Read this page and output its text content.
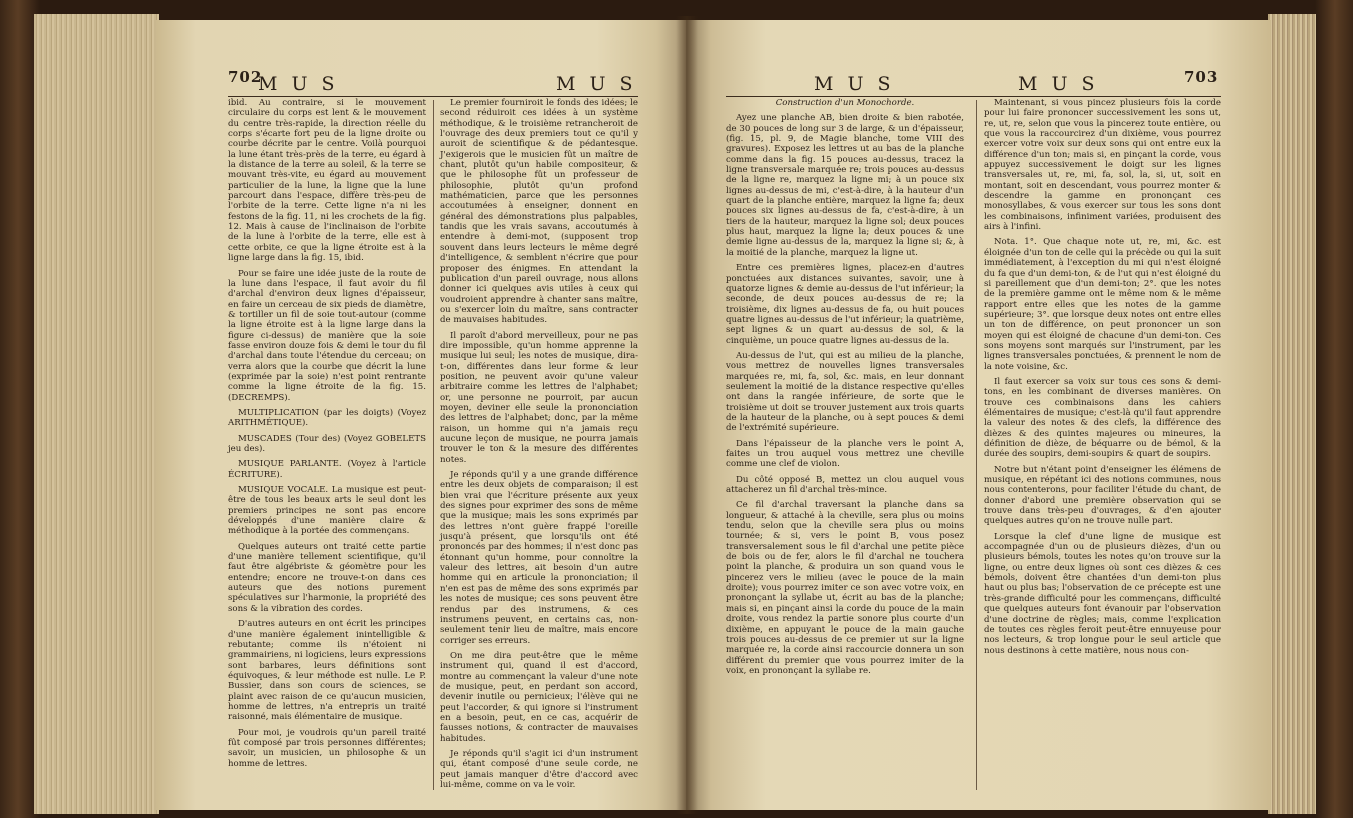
702
M U S	M U S

ibid. Au contraire, si le mouvement circulaire du corps est lent & le mouvement du centre très-rapide, la direction réelle du corps s'écarte fort peu de la ligne droite ou courbe décrite par le centre. Voilà pourquoi la lune étant très-près de la terre, eu égard à la distance de la terre au soleil, & la terre se mouvant très-vite, eu égard au mouvement particulier de la lune, la ligne que la lune parcourt dans l'espace, diffère très-peu de l'orbite de la terre. Cette ligne n'a ni les festons de la fig. 11, ni les crochets de la fig. 12. Mais à cause de l'inclinaison de l'orbite de la lune à l'orbite de la terre, elle est à cette orbite, ce que la ligne étroite est à la ligne large dans la fig. 15, ibid.

Pour se faire une idée juste de la route de la lune dans l'espace, il faut avoir du fil d'archal d'environ deux lignes d'épaisseur, en faire un cerceau de six pieds de diamètre, & tortiller un fil de soie tout-autour (comme la ligne étroite est à la ligne large dans la figure ci-dessus) de manière que la soie fasse environ douze fois & demi le tour du fil d'archal dans toute l'étendue du cerceau; on verra alors que la courbe que décrit la lune (exprimée par la soie) n'est point rentrante comme la ligne étroite de la fig. 15. (DECREMPS).

MULTIPLICATION (par les doigts) (Voyez ARITHMÉTIQUE).

MUSCADES (Tour des) (Voyez GOBELETS jeu des).

MUSIQUE PARLANTE. (Voyez à l'article ÉCRITURE).

MUSIQUE VOCALE. La musique est peut-être de tous les beaux arts le seul dont les premiers principes ne sont pas encore développés d'une manière claire & méthodique à la portée des commençans.

Quelques auteurs ont traité cette partie d'une manière tellement scientifique, qu'il faut être algébriste & géomètre pour les entendre; encore ne trouve-t-on dans ces auteurs que des notions purement spéculatives sur l'harmonie, la propriété des sons & la vibration des cordes.

D'autres auteurs en ont écrit les principes d'une manière également inintelligible & rebutante; comme ils n'étoient ni grammairiens, ni logiciens, leurs expressions sont barbares, leurs définitions sont équivoques, & leur méthode est nulle. Le P. Bussier, dans son cours de sciences, se plaint avec raison de ce qu'aucun musicien, homme de lettres, n'a entrepris un traité raisonné, mais élémentaire de musique.

Pour moi, je voudrois qu'un pareil traité fût composé par trois personnes différentes; savoir, un musicien, un philosophe & un homme de lettres.

Le premier fourniroit le fonds des idées; le second réduiroit ces idées à un système méthodique, & le troisième retrancheroit de l'ouvrage des deux premiers tout ce qu'il y auroit de scientifique & de pédantesque. J'exigerois que le musicien fût un maître de chant, plutôt qu'un habile compositeur, & que le philosophe fût un professeur de philosophie, plutôt qu'un profond mathématicien, parce que les personnes accoutumées à enseigner, donnent en général des démonstrations plus palpables, tandis que les vrais savans, accoutumés à entendre à demi-mot, (supposent trop souvent dans leurs lecteurs le même degré d'intelligence, & semblent n'écrire que pour proposer des énigmes. En attendant la publication d'un pareil ouvrage, nous allons donner ici quelques avis utiles à ceux qui voudroient apprendre à chanter sans maître, ou s'exercer loin du maître, sans contracter de mauvaises habitudes.

Il paroît d'abord merveilleux, pour ne pas dire impossible, qu'un homme apprenne la musique lui seul; les notes de musique, dira-t-on, différentes dans leur forme & leur position, ne peuvent avoir qu'une valeur arbitraire comme les lettres de l'alphabet; or, une personne ne pourroit, par aucun moyen, deviner elle seule la prononciation des lettres de l'alphabet; donc, par la même raison, un homme qui n'a jamais reçu aucune leçon de musique, ne pourra jamais trouver le ton & la mesure des différentes notes.

Je réponds qu'il y a une grande différence entre les deux objets de comparaison; il est bien vrai que l'écriture présente aux yeux des signes pour exprimer des sons de même que la musique; mais les sons exprimés par des lettres n'ont guère frappé l'oreille jusqu'à présent, que lorsqu'ils ont été prononcés par des hommes; il n'est donc pas étonnant qu'un homme, pour connoître la valeur des lettres, ait besoin d'un autre homme qui en articule la prononciation; il n'en est pas de même des sons exprimés par les notes de musique; ces sons peuvent être rendus par des instrumens, & ces instrumens peuvent, en certains cas, non-seulement tenir lieu de maître, mais encore corriger ses erreurs.

On me dira peut-être que le même instrument qui, quand il est d'accord, montre au commençant la valeur d'une note de musique, peut, en perdant son accord, devenir inutile ou pernicieux; l'élève qui ne peut l'accorder, & qui ignore si l'instrument en a besoin, peut, en ce cas, acquérir de fausses notions, & contracter de mauvaises habitudes.

Je réponds qu'il s'agit ici d'un instrument qui, étant composé d'une seule corde, ne peut jamais manquer d'être d'accord avec lui-même, comme on va le voir.

M U S	M U S	703

Construction d'un Monochorde.

Ayez une planche AB, bien droite & bien rabotée, de 30 pouces de long sur 3 de large, & un d'épaisseur, (fig. 15, pl. 9, de Magie blanche, tome VIII des gravures). Exposez les lettres ut au bas de la planche comme dans la fig. 15 pouces au-dessus, tracez la ligne transversale marquée re; trois pouces au-dessus de la ligne re, marquez la ligne mi; à un pouce six lignes au-dessus de mi, c'est-à-dire, à la hauteur d'un quart de la planche entière, marquez la ligne fa; deux pouces six lignes au-dessus de fa, c'est-à-dire, à un tiers de la hauteur, marquez la ligne sol; deux pouces plus haut, marquez la ligne la; deux pouces & une demie ligne au-dessus de la, marquez la ligne si; &, à la moitié de la planche, marquez la ligne ut.

Entre ces premières lignes, placez-en d'autres ponctuées aux distances suivantes, savoir, une à quatorze lignes & demie au-dessus de l'ut inférieur; la seconde, de deux pouces au-dessus de re; la troisième, dix lignes au-dessus de fa, ou huit pouces quatre lignes au-dessus de l'ut inférieur; la quatrième, sept lignes & un quart au-dessus de sol, & la cinquième, un pouce quatre lignes au-dessus de la.

Au-dessus de l'ut, qui est au milieu de la planche, vous mettrez de nouvelles lignes transversales marquées re, mi, fa, sol, &c. mais, en leur donnant seulement la moitié de la distance respective qu'elles ont dans la rangée inférieure, de sorte que le troisième ut doit se trouver justement aux trois quarts de la hauteur de la planche, ou à sept pouces & demi de l'extrémité supérieure.

Dans l'épaisseur de la planche vers le point A, faites un trou auquel vous mettrez une cheville comme une clef de violon.

Du côté opposé B, mettez un clou auquel vous attacherez un fil d'archal très-mince.

Ce fil d'archal traversant la planche dans sa longueur, & attaché à la cheville, sera plus ou moins tendu, selon que la cheville sera plus ou moins tournée; & si, vers le point B, vous posez transversalement sous le fil d'archal une petite pièce de bois ou de fer, alors le fil d'archal ne touchera point la planche, & produira un son quand vous le pincerez vers le milieu (avec le pouce de la main droite); vous pourrez imiter ce son avec votre voix, en prononçant la syllabe ut, écrit au bas de la planche; mais si, en pinçant ainsi la corde du pouce de la main droite, vous rendez la partie sonore plus courte d'un dixième, en appuyant le pouce de la main gauche trois pouces au-dessus de ce premier ut sur la ligne marquée re, la corde ainsi raccourcie donnera un son différent du premier que vous pourrez imiter de la voix, en prononçant la syllabe re.

Maintenant, si vous pincez plusieurs fois la corde pour lui faire prononcer successivement les sons ut, re, ut, re, selon que vous la pincerez toute entière, ou que vous la raccourcirez d'un dixième, vous pourrez exercer votre voix sur deux sons qui ont entre eux la différence d'un ton; mais si, en pinçant la corde, vous appuyez successivement le doigt sur les lignes transversales ut, re, mi, fa, sol, la, si, ut, soit en montant, soit en descendant, vous pourrez monter & descendre la gamme en prononçant ces monosyllabes, & vous exercer sur tous les sons dont les combinaisons, infiniment variées, produisent des airs à l'infini.

Nota. 1°. Que chaque note ut, re, mi, &c. est éloignée d'un ton de celle qui la précède ou qui la suit immédiatement, à l'exception du mi qui n'est éloigné du fa que d'un demi-ton, & de l'ut qui n'est éloigné du si pareillement que d'un demi-ton; 2°. que les notes de la première gamme ont le même nom & le même rapport entre elles que les notes de la gamme supérieure; 3°. que lorsque deux notes ont entre elles un ton de différence, on peut prononcer un son moyen qui est éloigné de chacune d'un demi-ton. Ces sons moyens sont marqués sur l'instrument, par les lignes transversales ponctuées, & prennent le nom de la note voisine, &c.

Il faut exercer sa voix sur tous ces sons & demi-tons, en les combinant de diverses manières. On trouve ces combinaisons dans les cahiers élémentaires de musique; c'est-là qu'il faut apprendre la valeur des notes & des clefs, la différence des dièzes & des quintes majeures ou mineures, la définition de dièze, de béquarre ou de bémol, & la durée des soupirs, demi-soupirs & quart de soupirs.

Notre but n'étant point d'enseigner les élémens de musique, en répétant ici des notions communes, nous nous contenterons, pour faciliter l'étude du chant, de donner d'abord une première observation qui se trouve dans très-peu d'ouvrages, & d'en ajouter quelques autres qu'on ne trouve nulle part.

Lorsque la clef d'une ligne de musique est accompagnée d'un ou de plusieurs dièzes, d'un ou plusieurs bémols, toutes les notes qu'on trouve sur la ligne, ou entre deux lignes où sont ces dièzes & ces bémols, doivent être chantées d'un demi-ton plus haut ou plus bas; l'observation de ce précepte est une très-grande difficulté pour les commençans, difficulté que quelques auteurs font évanouir par l'observation d'une doctrine de règles; mais, comme l'explication de toutes ces règles feroit peut-être ennuyeuse pour nos lecteurs, & trop longue pour le seul article que nous destinons à cette matière, nous nous con-
